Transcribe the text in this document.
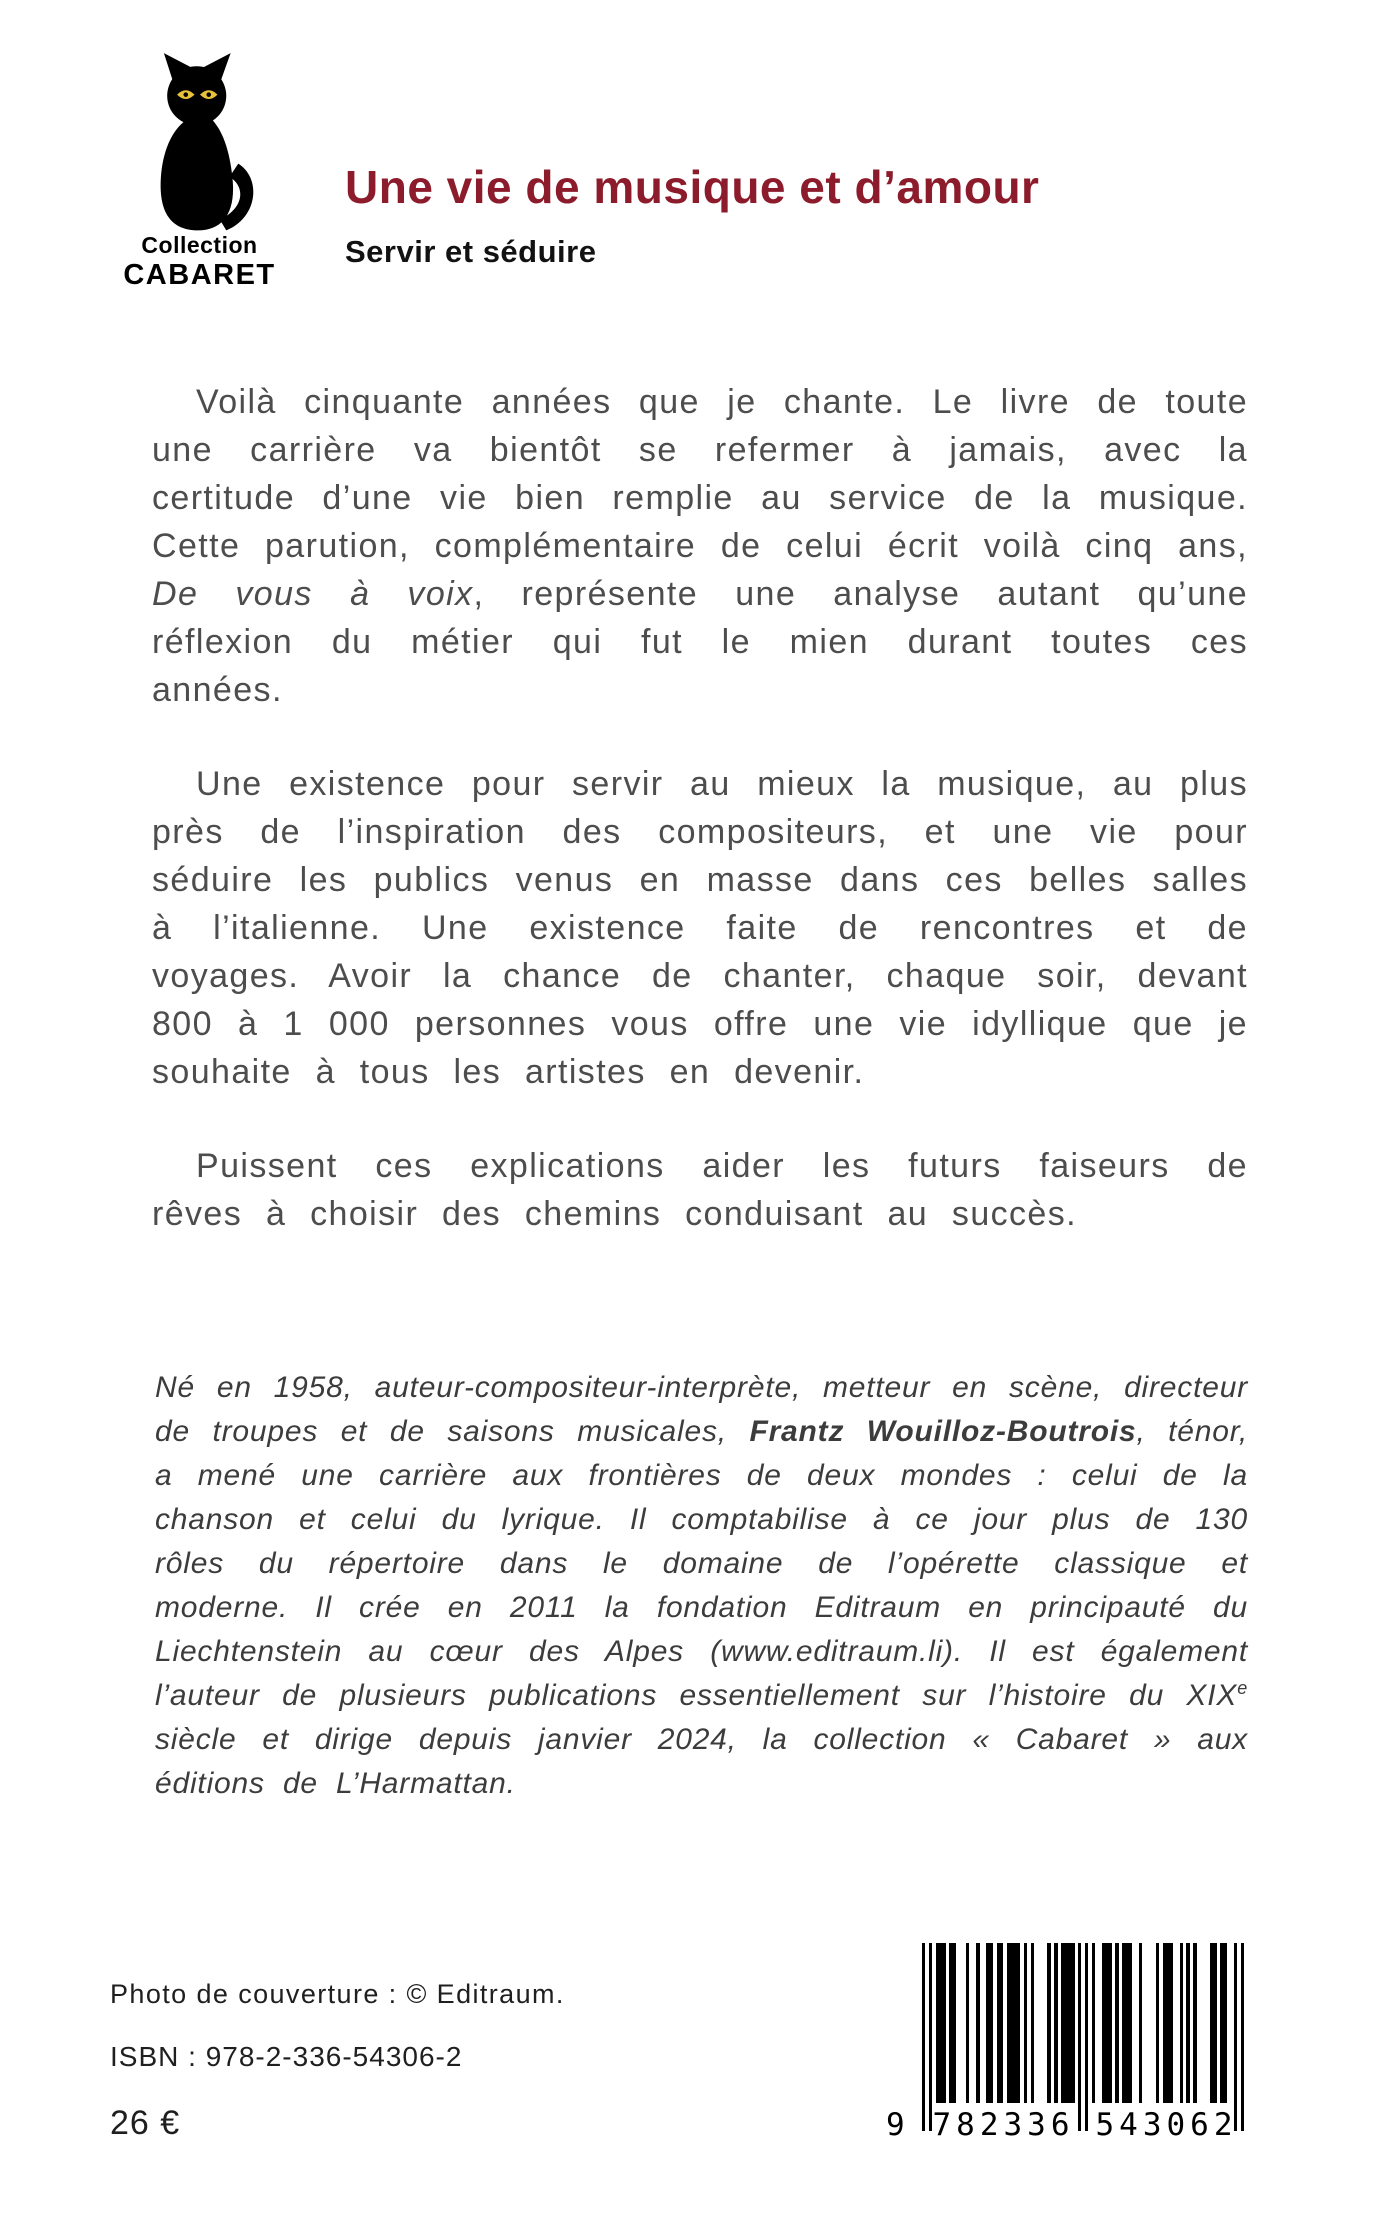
Collection
CABARET
Une vie de musique et d’amour
Servir et séduire

Voilà cinquante années que je chante. Le livre de toute une carrière va bientôt se refermer à jamais, avec la certitude d’une vie bien remplie au service de la musique. Cette parution, complémentaire de celui écrit voilà cinq ans, De vous à voix, représente une analyse autant qu’une réflexion du métier qui fut le mien durant toutes ces années.

Une existence pour servir au mieux la musique, au plus près de l’inspiration des compositeurs, et une vie pour séduire les publics venus en masse dans ces belles salles à l’italienne. Une existence faite de rencontres et de voyages. Avoir la chance de chanter, chaque soir, devant 800 à 1 000 personnes vous offre une vie idyllique que je souhaite à tous les artistes en devenir.

Puissent ces explications aider les futurs faiseurs de rêves à choisir des chemins conduisant au succès.

Né en 1958, auteur-compositeur-interprète, metteur en scène, directeur de troupes et de saisons musicales, Frantz Wouilloz-Boutrois, ténor, a mené une carrière aux frontières de deux mondes : celui de la chanson et celui du lyrique. Il comptabilise à ce jour plus de 130 rôles du répertoire dans le domaine de l’opérette classique et moderne. Il crée en 2011 la fondation Editraum en principauté du Liechtenstein au cœur des Alpes (www.editraum.li). Il est également l’auteur de plusieurs publications essentiellement sur l’histoire du XIXe siècle et dirige depuis janvier 2024, la collection « Cabaret » aux éditions de L’Harmattan.

Photo de couverture : © Editraum.
ISBN : 978-2-336-54306-2
26 €	9 782336 543062
